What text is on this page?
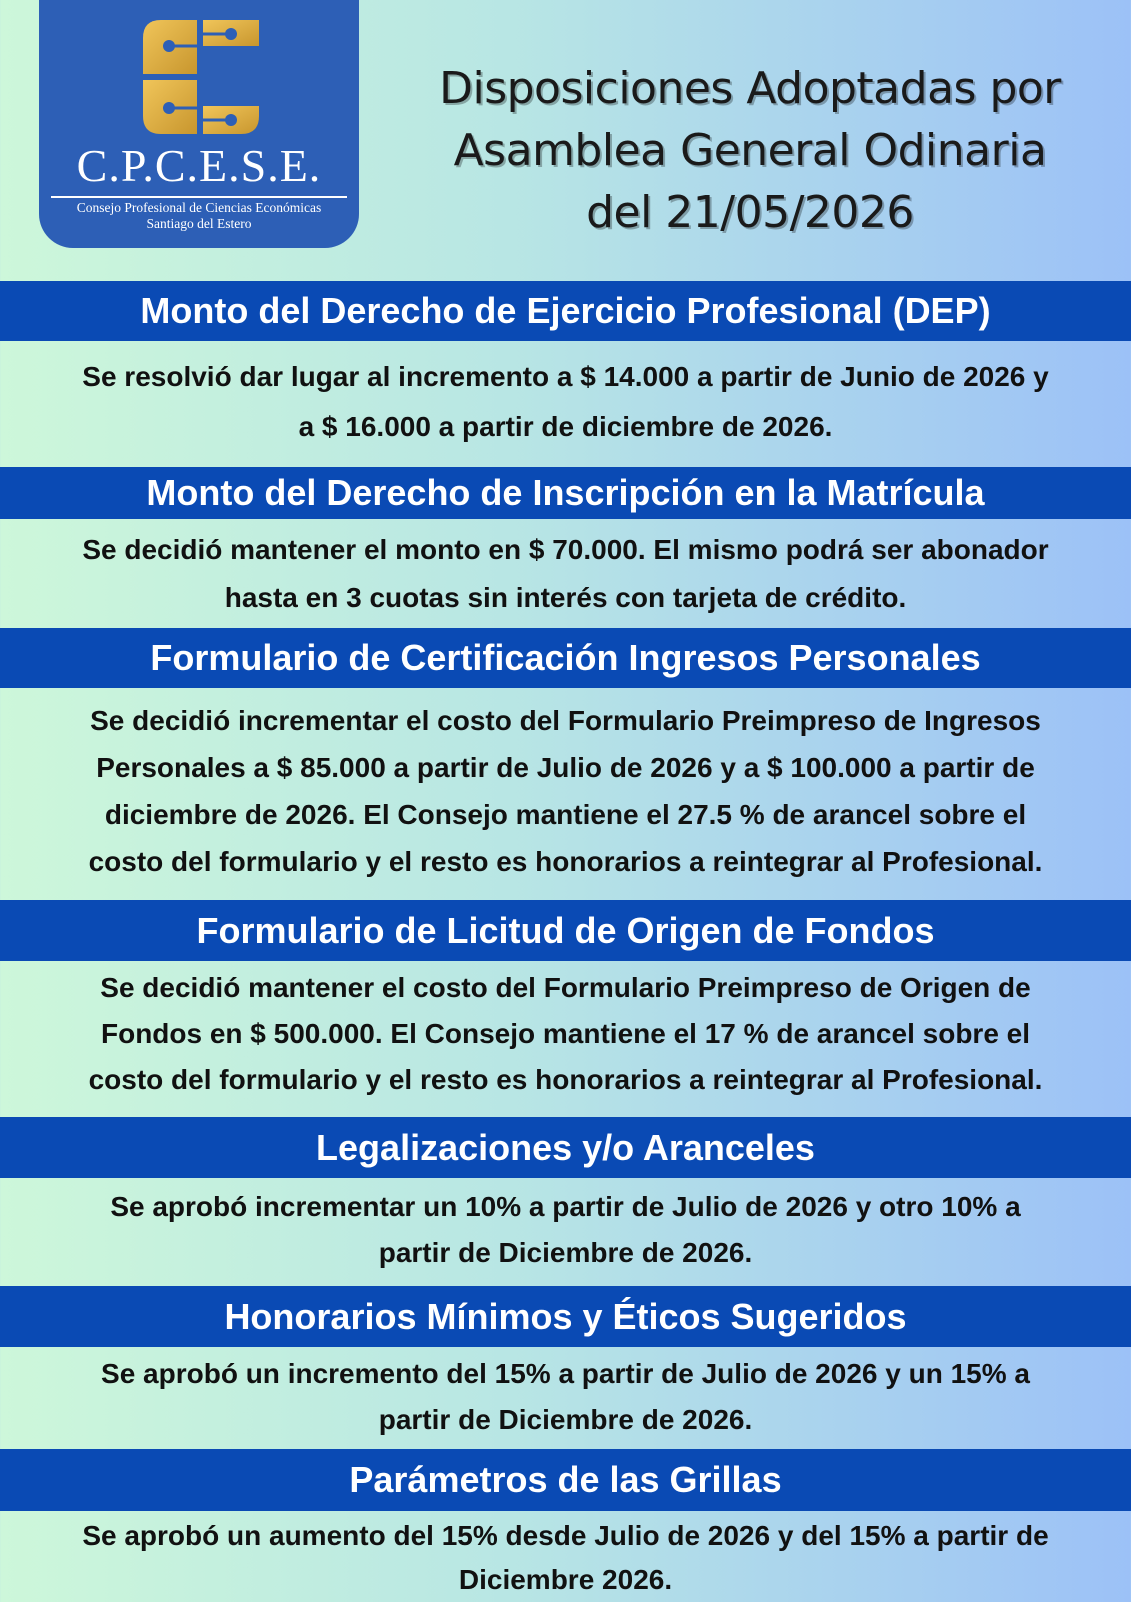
C.P.C.E.S.E.
Consejo Profesional de Ciencias Económicas
Santiago del Estero
Disposiciones Adoptadas por
Asamblea General Odinaria
del 21/05/2026
Monto del Derecho de Ejercicio Profesional (DEP)
Se resolvió dar lugar al incremento a $ 14.000 a partir de Junio de 2026 y
a $ 16.000 a partir de diciembre de 2026.
Monto del Derecho de Inscripción en la Matrícula
Se decidió mantener el monto en $ 70.000. El mismo podrá ser abonador
hasta en 3 cuotas sin interés con tarjeta de crédito.
Formulario de Certificación Ingresos Personales
Se decidió incrementar el costo del Formulario Preimpreso de Ingresos
Personales a $ 85.000 a partir de Julio de 2026 y a $ 100.000 a partir de
diciembre de 2026. El Consejo mantiene el 27.5 % de arancel sobre el
costo del formulario y el resto es honorarios a reintegrar al Profesional.
Formulario de Licitud de Origen de Fondos
Se decidió mantener el costo del Formulario Preimpreso de Origen de
Fondos en $ 500.000. El Consejo mantiene el 17 % de arancel sobre el
costo del formulario y el resto es honorarios a reintegrar al Profesional.
Legalizaciones y/o Aranceles
Se aprobó incrementar un 10% a partir de Julio de 2026 y otro 10% a
partir de Diciembre de 2026.
Honorarios Mínimos y Éticos Sugeridos
Se aprobó un incremento del 15% a partir de Julio de 2026 y un 15% a
partir de Diciembre de 2026.
Parámetros de las Grillas
Se aprobó un aumento del 15% desde Julio de 2026 y del 15% a partir de
Diciembre 2026.
